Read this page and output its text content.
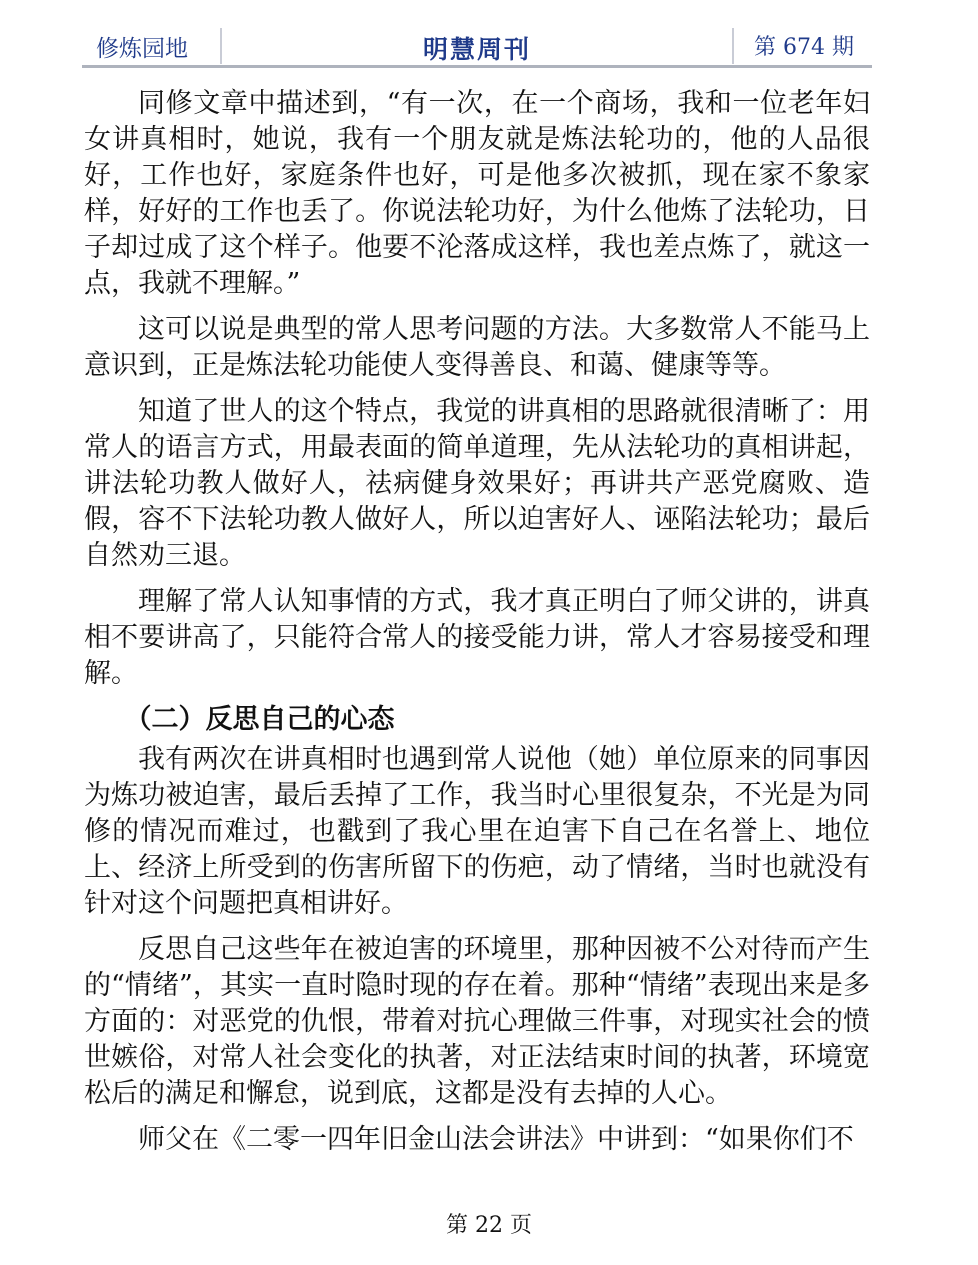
修炼园地	明慧周刊	第 674 期

同修文章中描述到，“有一次，在一个商场，我和一位老年妇女讲真相时，她说，我有一个朋友就是炼法轮功的，他的人品很好，工作也好，家庭条件也好，可是他多次被抓，现在家不象家样，好好的工作也丢了。你说法轮功好，为什么他炼了法轮功，日子却过成了这个样子。他要不沦落成这样，我也差点炼了，就这一点，我就不理解。”

这可以说是典型的常人思考问题的方法。大多数常人不能马上意识到，正是炼法轮功能使人变得善良、和蔼、健康等等。

知道了世人的这个特点，我觉的讲真相的思路就很清晰了：用常人的语言方式，用最表面的简单道理，先从法轮功的真相讲起，讲法轮功教人做好人，祛病健身效果好；再讲共产恶党腐败、造假，容不下法轮功教人做好人，所以迫害好人、诬陷法轮功；最后自然劝三退。

理解了常人认知事情的方式，我才真正明白了师父讲的，讲真相不要讲高了，只能符合常人的接受能力讲，常人才容易接受和理解。

（二）反思自己的心态

我有两次在讲真相时也遇到常人说他（她）单位原来的同事因为炼功被迫害，最后丢掉了工作，我当时心里很复杂，不光是为同修的情况而难过，也戳到了我心里在迫害下自己在名誉上、地位上、经济上所受到的伤害所留下的伤疤，动了情绪，当时也就没有针对这个问题把真相讲好。

反思自己这些年在被迫害的环境里，那种因被不公对待而产生的“情绪”，其实一直时隐时现的存在着。那种“情绪”表现出来是多方面的：对恶党的仇恨，带着对抗心理做三件事，对现实社会的愤世嫉俗，对常人社会变化的执著，对正法结束时间的执著，环境宽松后的满足和懈怠，说到底，这都是没有去掉的人心。

师父在《二零一四年旧金山法会讲法》中讲到：“如果你们不

第 22 页
